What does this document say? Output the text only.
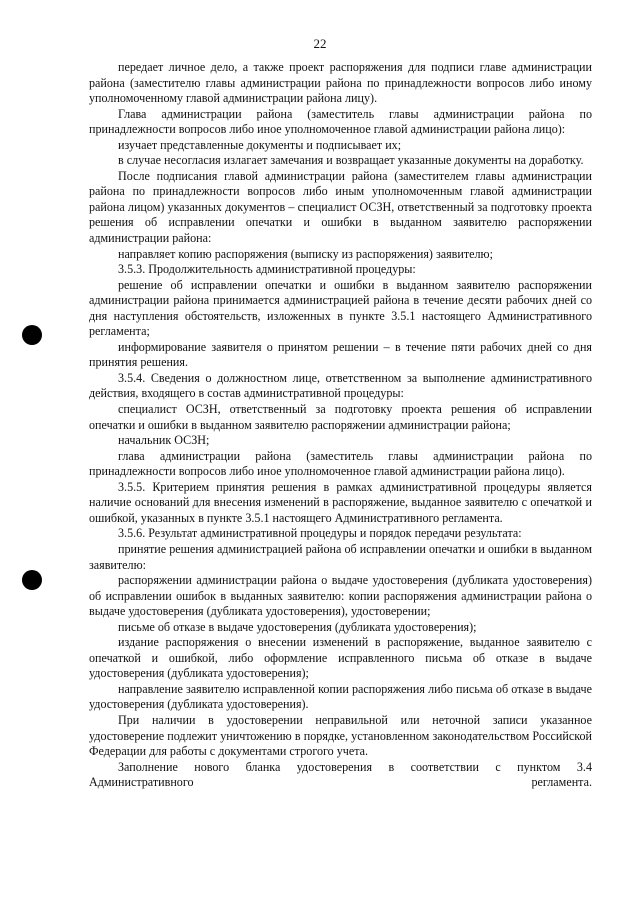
22

передает личное дело, а также проект распоряжения для подписи главе администрации района (заместителю главы администрации района по принадлежности вопросов либо иному уполномоченному главой администрации района лицу).

Глава администрации района (заместитель главы администрации района по принадлежности вопросов либо иное уполномоченное главой администрации района лицо):

изучает представленные документы и подписывает их;

в случае несогласия излагает замечания и возвращает указанные документы на доработку.

После подписания главой администрации района (заместителем главы администрации района по принадлежности вопросов либо иным уполномоченным главой администрации района лицом) указанных документов – специалист ОСЗН, ответственный за подготовку проекта решения об исправлении опечатки и ошибки в выданном заявителю распоряжении администрации района:

направляет копию распоряжения (выписку из распоряжения) заявителю;

3.5.3. Продолжительность административной процедуры:

решение об исправлении опечатки и ошибки в выданном заявителю распоряжении администрации района принимается администрацией района в течение десяти рабочих дней со дня наступления обстоятельств, изложенных в пункте 3.5.1 настоящего Административного регламента;

информирование заявителя о принятом решении – в течение пяти рабочих дней со дня принятия решения.

3.5.4. Сведения о должностном лице, ответственном за выполнение административного действия, входящего в состав административной процедуры:

специалист ОСЗН, ответственный за подготовку проекта решения об исправлении опечатки и ошибки в выданном заявителю распоряжении администрации района;

начальник ОСЗН;

глава администрации района (заместитель главы администрации района по принадлежности вопросов либо иное уполномоченное главой администрации района лицо).

3.5.5. Критерием принятия решения в рамках административной процедуры является наличие оснований для внесения изменений в распоряжение, выданное заявителю с опечаткой и ошибкой, указанных в пункте 3.5.1 настоящего Административного регламента.

3.5.6. Результат административной процедуры и порядок передачи результата:

принятие решения администрацией района об исправлении опечатки и ошибки в выданном заявителю:

распоряжении администрации района о выдаче удостоверения (дубликата удостоверения) об исправлении ошибок в выданных заявителю: копии распоряжения администрации района о выдаче удостоверения (дубликата удостоверения), удостоверении;

письме об отказе в выдаче удостоверения (дубликата удостоверения);

издание распоряжения о внесении изменений в распоряжение, выданное заявителю с опечаткой и ошибкой, либо оформление исправленного письма об отказе в выдаче удостоверения (дубликата удостоверения);

направление заявителю исправленной копии распоряжения либо письма об отказе в выдаче удостоверения (дубликата удостоверения).

При наличии в удостоверении неправильной или неточной записи указанное удостоверение подлежит уничтожению в порядке, установленном законодательством Российской Федерации для работы с документами строгого учета.

Заполнение нового бланка удостоверения в соответствии с пунктом 3.4 Административного регламента.
